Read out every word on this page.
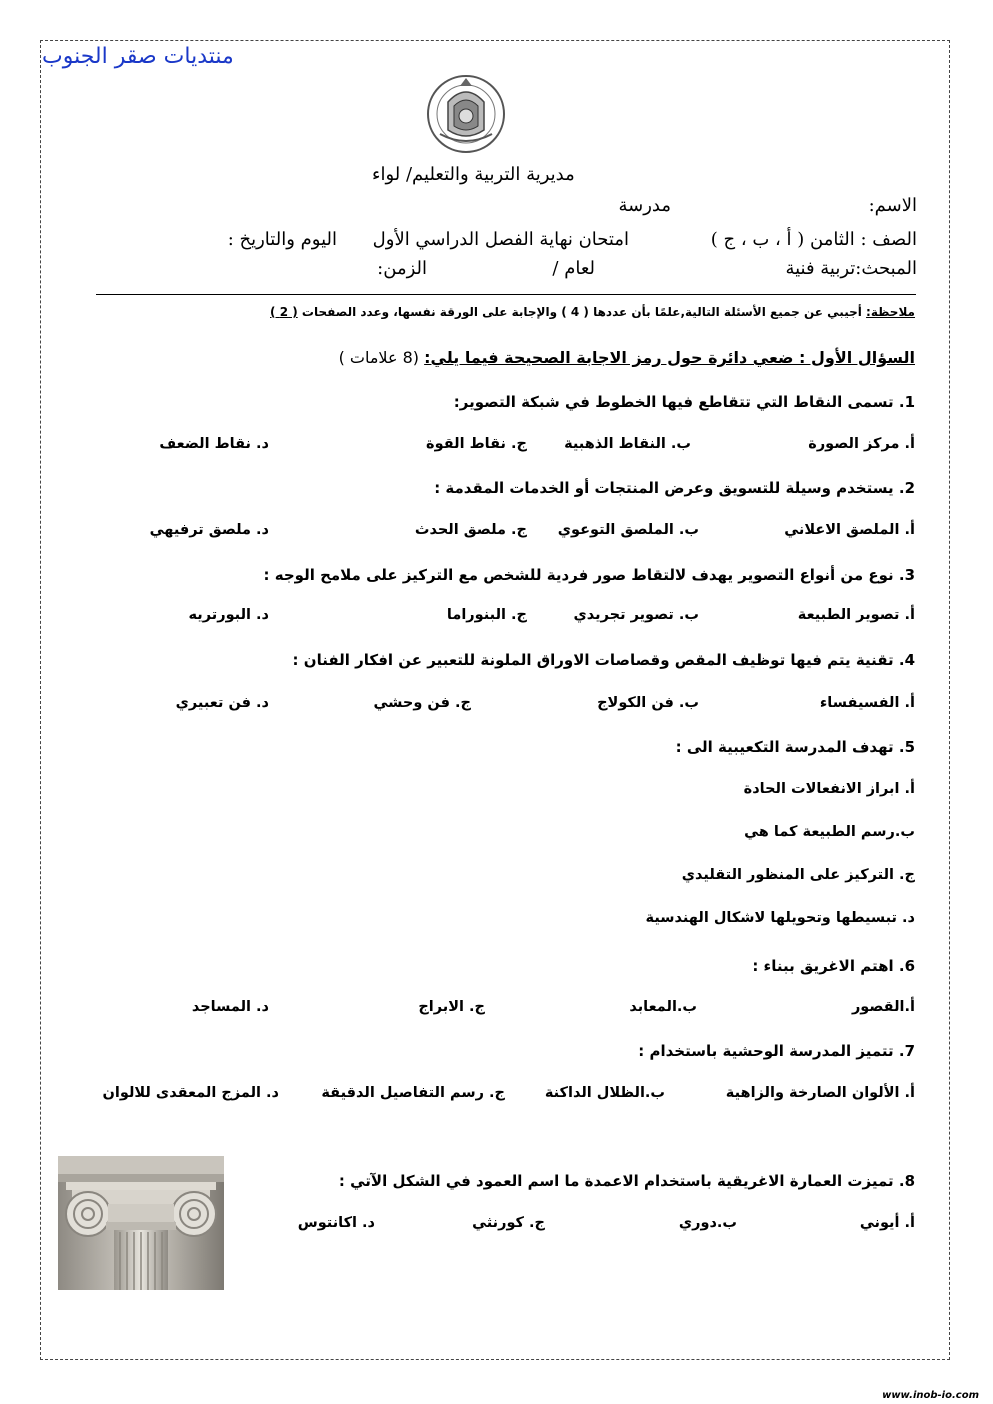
منتديات صقر الجنوب
مديرية التربية والتعليم/ لواء
الاسم:
مدرسة
الصف : الثامن ( أ ، ب ، ج )
امتحان نهاية الفصل الدراسي الأول
اليوم والتاريخ :
المبحث:تربية فنية
لعام /
الزمن:
ملاحظة: أجيبي عن جميع الأسئلة التالية,علمًا بأن عددها ( 4 ) والإجابة على الورقة نفسها، وعدد الصفحات ( 2 )
السؤال الأول : ضعي دائرة حول رمز الاجابة الصحيحة فيما يلي: (8 علامات )
1. تسمى النقاط التي تتقاطع فيها الخطوط في شبكة التصوير:
أ. مركز الصورة
ب. النقاط الذهبية
ج. نقاط القوة
د. نقاط الضعف
2. يستخدم وسيلة للتسويق وعرض المنتجات أو الخدمات المقدمة :
أ. الملصق الاعلاني
ب. الملصق التوعوي
ج. ملصق الحدث
د. ملصق ترفيهي
3. نوع من أنواع التصوير يهدف لالتقاط صور فردية للشخص مع التركيز على ملامح الوجه :
أ. تصوير الطبيعة
ب. تصوير تجريدي
ج. البنوراما
د. البورتريه
4. تقنية يتم فيها توظيف المقص وقصاصات الاوراق الملونة للتعبير عن افكار الفنان :
أ. الفسيفساء
ب. فن الكولاج
ج. فن وحشي
د. فن تعبيري
5. تهدف المدرسة التكعيبية الى :
أ. ابراز الانفعالات الحادة
ب.رسم الطبيعة كما هي
ج. التركيز على المنظور التقليدي
د. تبسيطها وتحويلها لاشكال الهندسية
6. اهتم الاغريق ببناء :
أ.القصور
ب.المعابد
ج. الابراج
د. المساجد
7. تتميز المدرسة الوحشية باستخدام :
أ. الألوان الصارخة والزاهية
ب.الظلال الداكنة
ج. رسم التفاصيل الدقيقة
د. المزج المعقدى للالوان
8. تميزت العمارة الاغريقية باستخدام الاعمدة ما اسم العمود في الشكل الآتي :
أ. أيوني
ب.دوري
ج. كورنثي
د. اكانتوس
www.inob-io.com
